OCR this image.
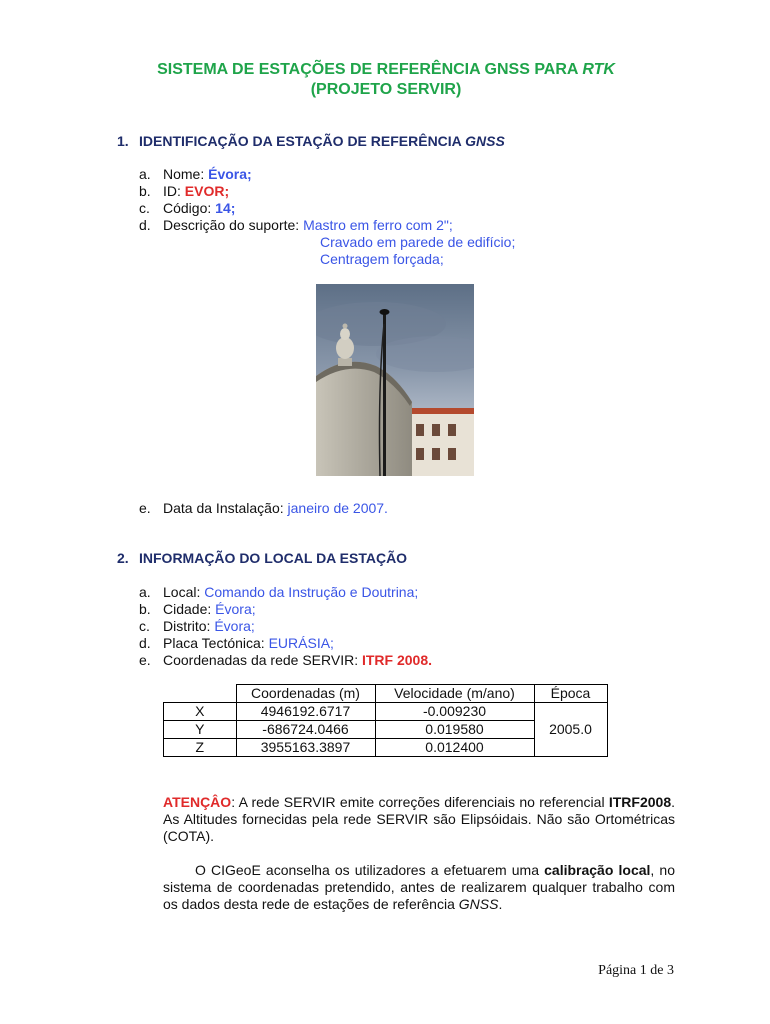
SISTEMA DE ESTAÇÕES DE REFERÊNCIA GNSS PARA RTK
(PROJETO SERVIR)
1. IDENTIFICAÇÃO DA ESTAÇÃO DE REFERÊNCIA GNSS
a. Nome: Évora;
b. ID: EVOR;
c. Código: 14;
d. Descrição do suporte: Mastro em ferro com 2";
Cravado em parede de edifício;
Centragem forçada;
e. Data da Instalação: janeiro de 2007.
2. INFORMAÇÃO DO LOCAL DA ESTAÇÃO
a. Local: Comando da Instrução e Doutrina;
b. Cidade: Évora;
c. Distrito: Évora;
d. Placa Tectónica: EURÁSIA;
e. Coordenadas da rede SERVIR: ITRF 2008.
	Coordenadas (m)	Velocidade (m/ano)	Época
X	4946192.6717	-0.009230	2005.0
Y	-686724.0466	0.019580	
Z	3955163.3897	0.012400	
ATENÇÂO: A rede SERVIR emite correções diferenciais no referencial ITRF2008. As Altitudes fornecidas pela rede SERVIR são Elipsóidais. Não são Ortométricas (COTA).
O CIGeoE aconselha os utilizadores a efetuarem uma calibração local, no sistema de coordenadas pretendido, antes de realizarem qualquer trabalho com os dados desta rede de estações de referência GNSS.
Página 1 de 3
